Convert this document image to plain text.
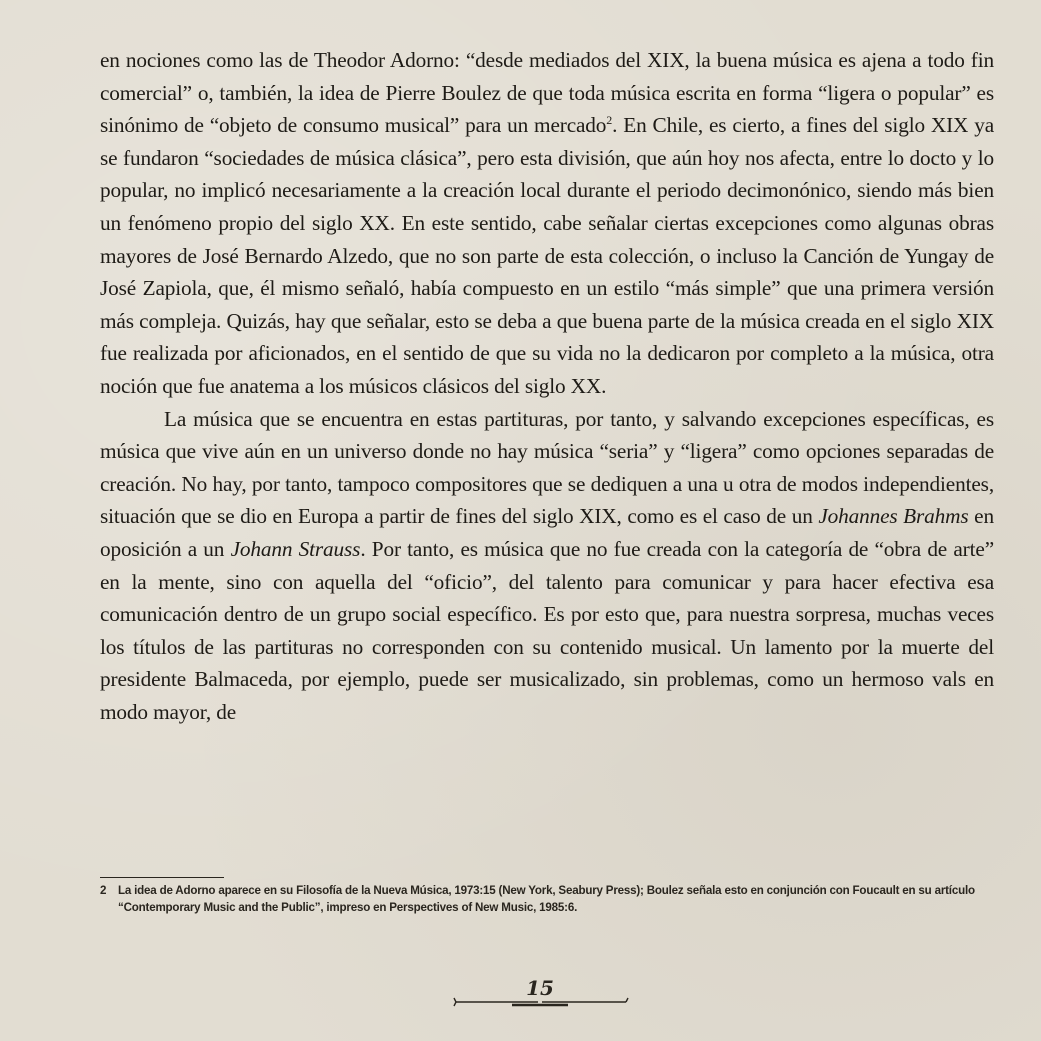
en nociones como las de Theodor Adorno: “desde mediados del XIX, la buena música es ajena a todo fin comercial” o, también, la idea de Pierre Boulez de que toda música escrita en forma “ligera o popular” es sinónimo de “objeto de consumo musical” para un mercado$^2$. En Chile, es cierto, a fines del siglo XIX ya se fundaron “sociedades de música clásica”, pero esta división, que aún hoy nos afecta, entre lo docto y lo popular, no implicó necesariamente a la creación local durante el periodo decimonónico, siendo más bien un fenómeno propio del siglo XX. En este sentido, cabe señalar ciertas excepciones como algunas obras mayores de José Bernardo Alzedo, que no son parte de esta colección, o incluso la Canción de Yungay de José Zapiola, que, él mismo señaló, había compuesto en un estilo “más simple” que una primera versión más compleja. Quizás, hay que señalar, esto se deba a que buena parte de la música creada en el siglo XIX fue realizada por aficionados, en el sentido de que su vida no la dedicaron por completo a la música, otra noción que fue anatema a los músicos clásicos del siglo XX.

La música que se encuentra en estas partituras, por tanto, y salvando excepciones específicas, es música que vive aún en un universo donde no hay música “seria” y “ligera” como opciones separadas de creación. No hay, por tanto, tampoco compositores que se dediquen a una u otra de modos independientes, situación que se dio en Europa a partir de fines del siglo XIX, como es el caso de un Johannes Brahms en oposición a un Johann Strauss. Por tanto, es música que no fue creada con la categoría de “obra de arte” en la mente, sino con aquella del “oficio”, del talento para comunicar y para hacer efectiva esa comunicación dentro de un grupo social específico. Es por esto que, para nuestra sorpresa, muchas veces los títulos de las partituras no corresponden con su contenido musical. Un lamento por la muerte del presidente Balmaceda, por ejemplo, puede ser musicalizado, sin problemas, como un hermoso vals en modo mayor, de

2	La idea de Adorno aparece en su Filosofía de la Nueva Música, 1973:15 (New York, Seabury Press); Boulez señala esto en conjunción con Foucault en su artículo “Contemporary Music and the Public”, impreso en Perspectives of New Music, 1985:6.
15
